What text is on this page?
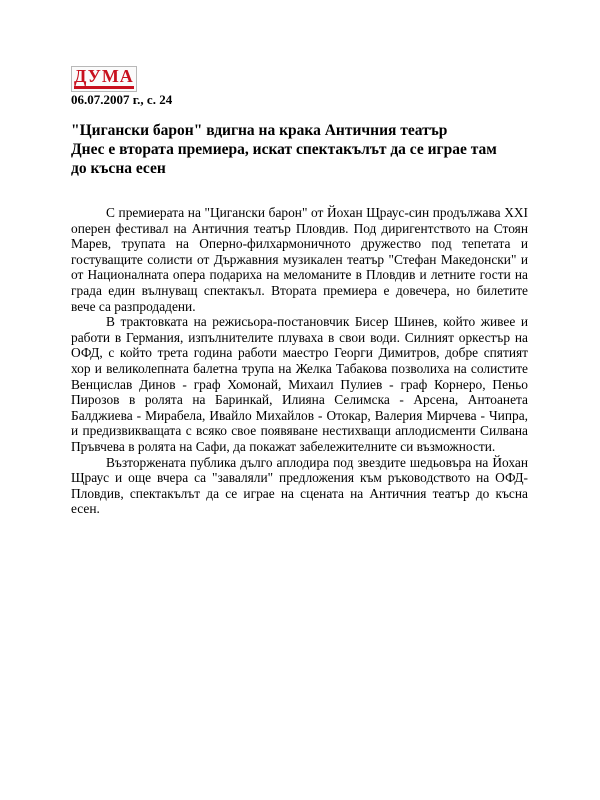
ДУМА
06.07.2007 г., с. 24
"Цигански барон" вдигна на крака Античния театър
Днес е втората премиера, искат спектакълът да се играе там
до късна есен

С премиерата на "Цигански барон" от Йохан Щраус-син продължава XXI оперен фестивал на Античния театър Пловдив. Под диригентството на Стоян Марев, трупата на Оперно-филхармоничното дружество под тепетата и гостуващите солисти от Държавния музикален театър "Стефан Македонски" и от Националната опера подариха на меломаните в Пловдив и летните гости на града един вълнуващ спектакъл. Втората премиера е довечера, но билетите вече са разпродадени.

В трактовката на режисьора-постановчик Бисер Шинев, който живее и работи в Германия, изпълнителите плуваха в свои води. Силният оркестър на ОФД, с който трета година работи маестро Георги Димитров, добре спятият хор и великолепната балетна трупа на Желка Табакова позволиха на солистите Венцислав Динов - граф Хомонай, Михаил Пулиев - граф Корнеро, Пеньо Пирозов в ролята на Баринкай, Илияна Селимска - Арсена, Антоанета Балджиева - Мирабела, Ивайло Михайлов - Отокар, Валерия Мирчева - Чипра, и предизвикващата с всяко свое появяване нестихващи аплодисменти Силвана Пръвчева в ролята на Сафи, да покажат забележителните си възможности.

Възторжената публика дълго аплодира под звездите шедьовъра на Йохан Щраус и още вчера са "заваляли" предложения към ръководството на ОФД-Пловдив, спектакълът да се играе на сцената на Античния театър до късна есен.
